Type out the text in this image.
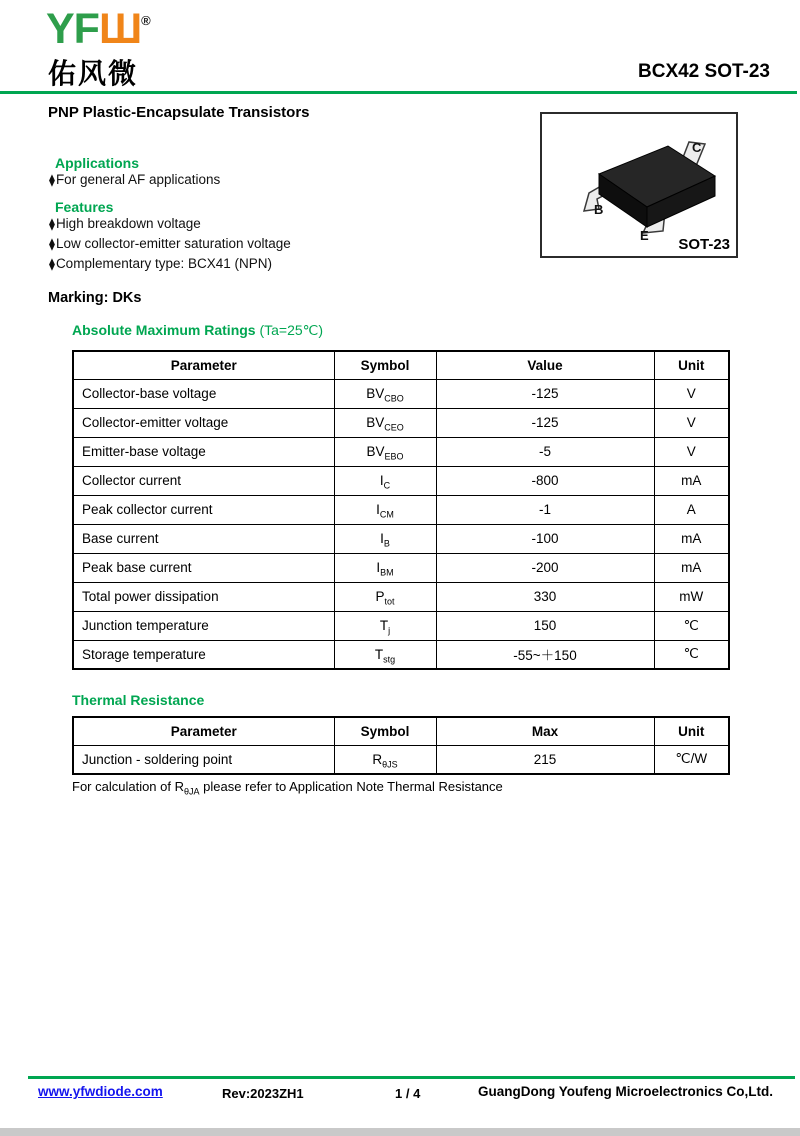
YFШ®
佑风微	BCX42 SOT-23
PNP Plastic-Encapsulate Transistors
Applications
⧫For general AF applications
Features
⧫High breakdown voltage
⧫Low collector-emitter saturation voltage
⧫Complementary type: BCX41 (NPN)
C
B
E
SOT-23
Marking: DKs
Absolute Maximum Ratings (Ta=25℃)
Parameter	Symbol	Value	Unit
Collector-base voltage	$BV_{CBO}$	-125	V
Collector-emitter voltage	$BV_{CEO}$	-125	V
Emitter-base voltage	$BV_{EBO}$	-5	V
Collector current	$I_C$	-800	mA
Peak collector current	$I_{CM}$	-1	A
Base current	$I_B$	-100	mA
Peak base current	$I_{BM}$	-200	mA
Total power dissipation	$P_{tot}$	330	mW
Junction temperature	$T_j$	150	℃
Storage temperature	$T_{stg}$	-55~＋150	℃
Thermal Resistance
Parameter	Symbol	Max	Unit
Junction - soldering point	$R_{\theta JS}$	215	℃/W
For calculation of $R_{\theta JA}$ please refer to Application Note Thermal Resistance
www.yfwdiode.com	Rev:2023ZH1	1 / 4	GuangDong Youfeng Microelectronics Co,Ltd.
